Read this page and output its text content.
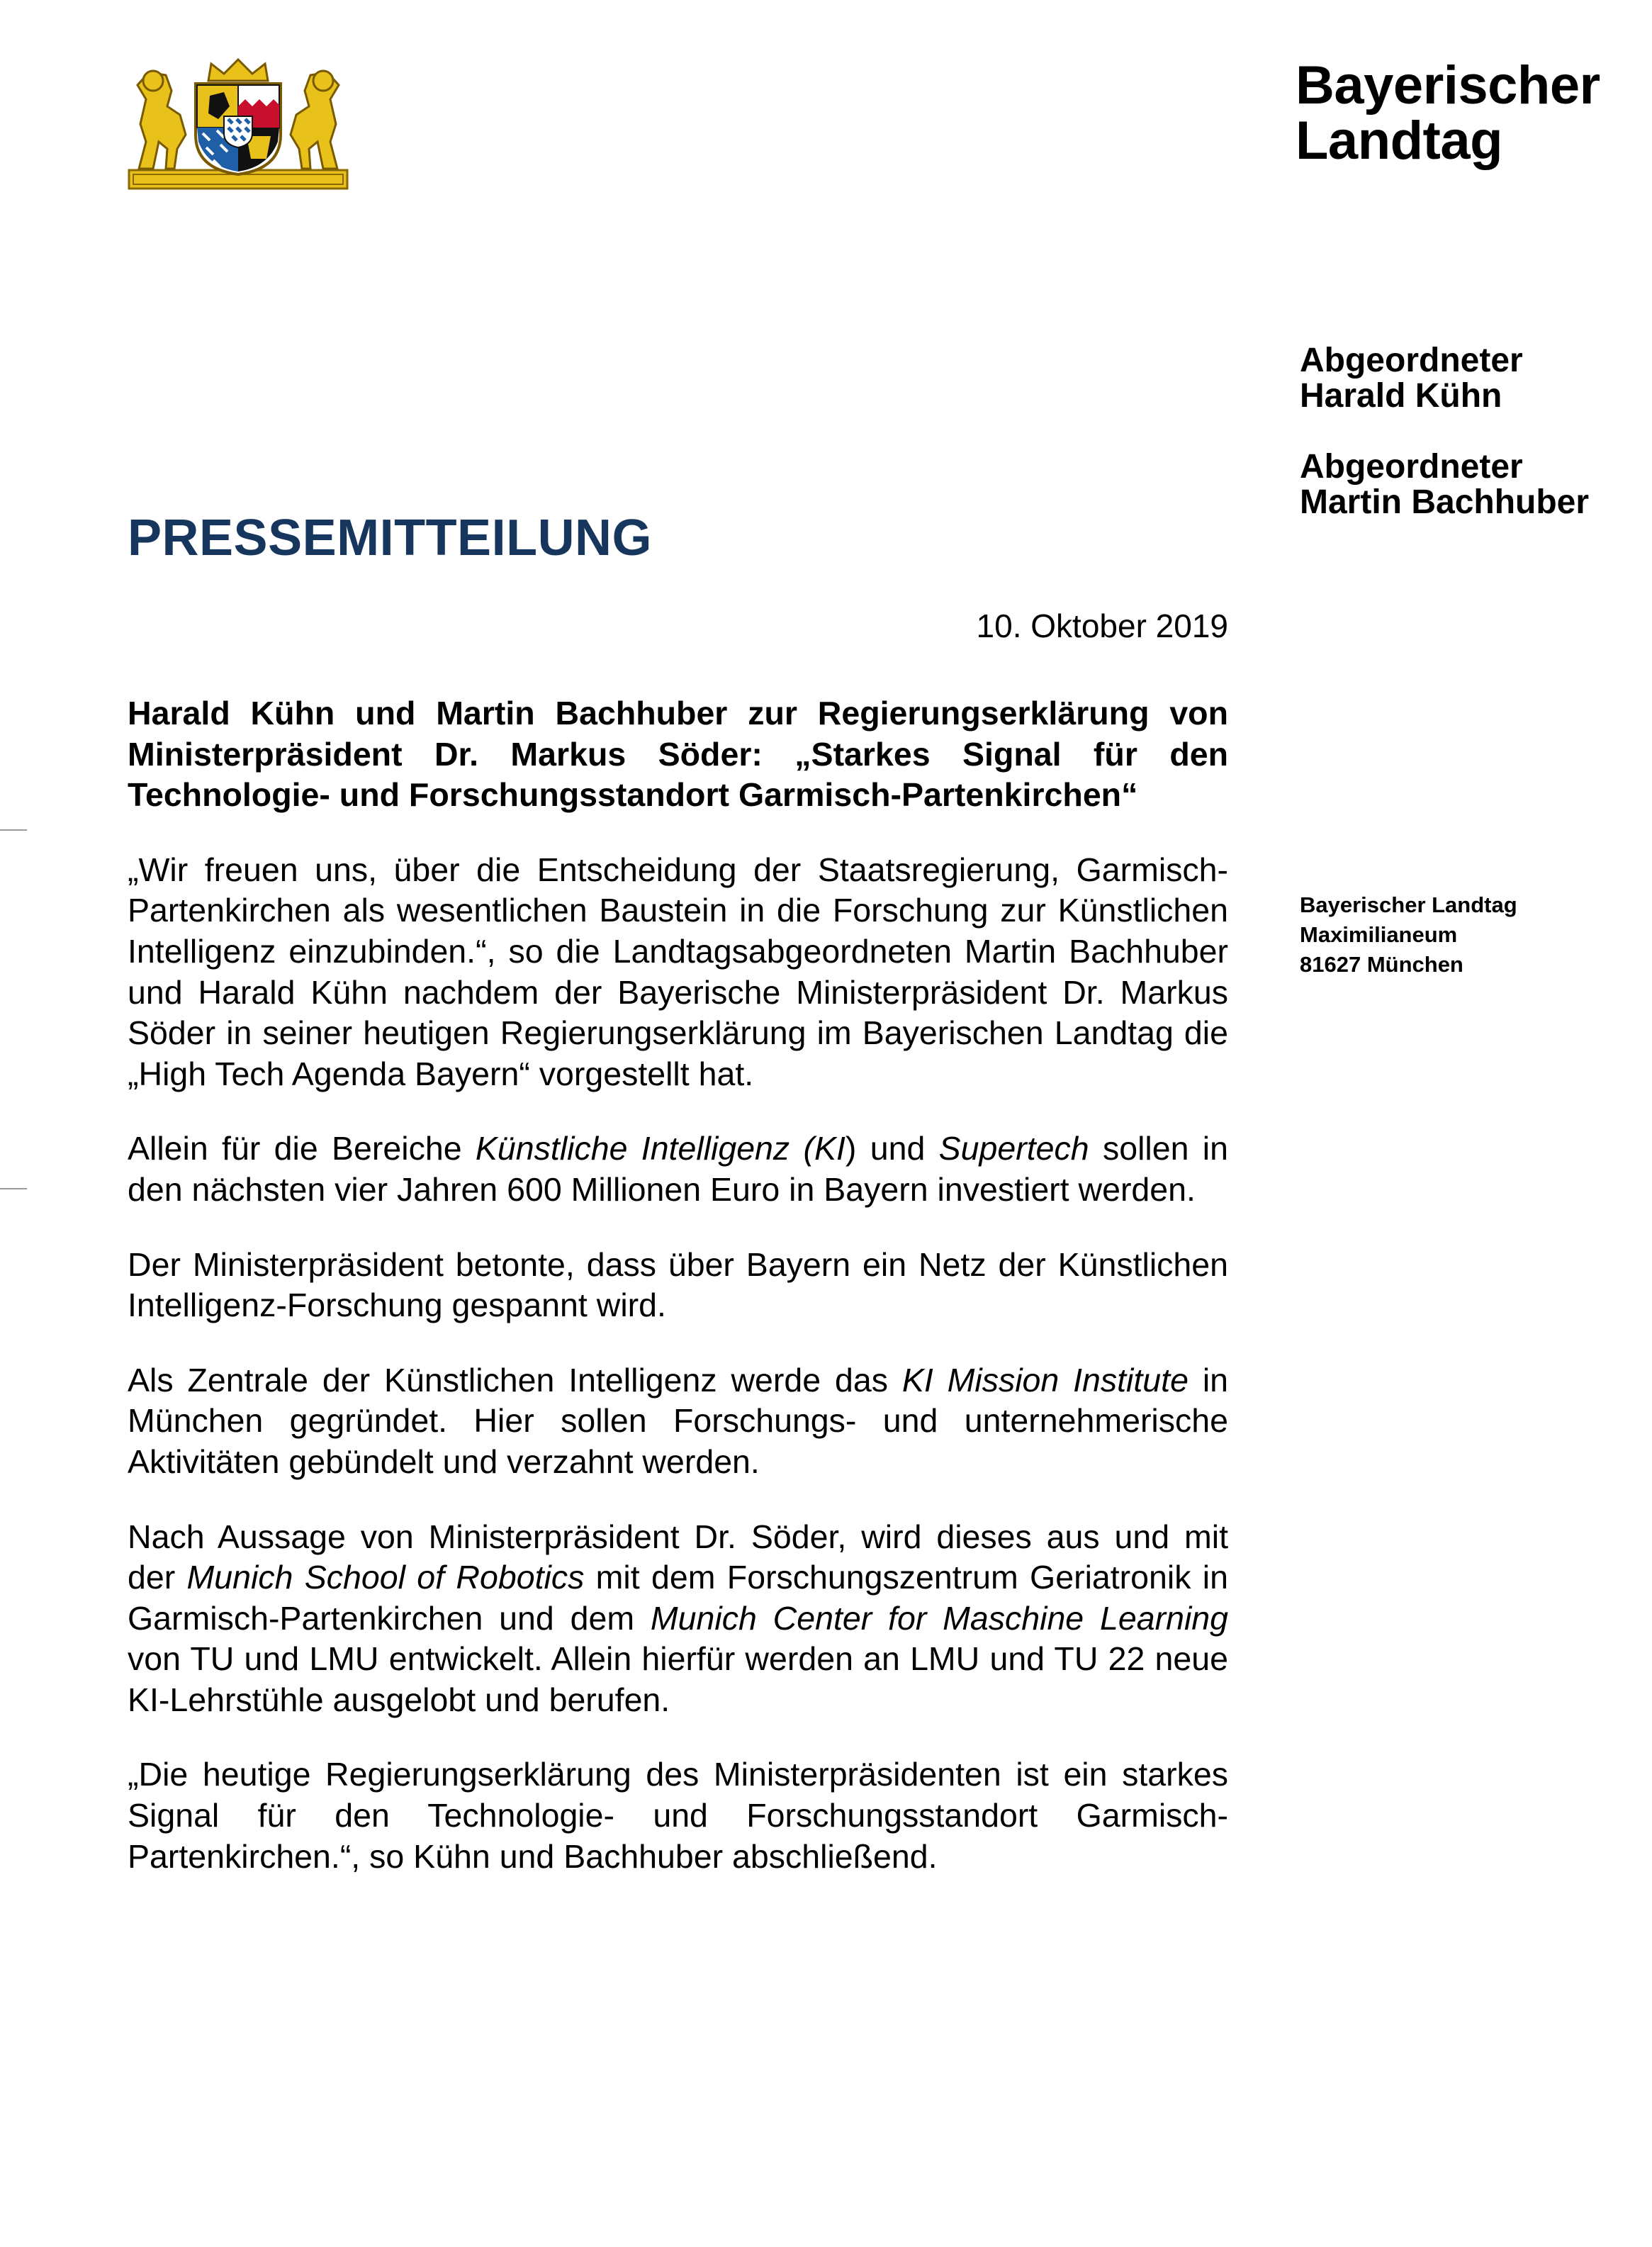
Bayerischer
Landtag
Abgeordneter
Harald Kühn
Abgeordneter
Martin Bachhuber
PRESSEMITTEILUNG
10. Oktober 2019
Bayerischer Landtag
Maximilianeum
81627 München

Harald Kühn und Martin Bachhuber zur Regierungserklärung von Ministerpräsident Dr. Markus Söder: „Starkes Signal für den Technologie- und Forschungsstandort Garmisch-Partenkirchen“

„Wir freuen uns, über die Entscheidung der Staatsregierung, Garmisch-Partenkirchen als wesentlichen Baustein in die Forschung zur Künstlichen Intelligenz einzubinden.“, so die Landtagsabgeordneten Martin Bachhuber und Harald Kühn nachdem der Bayerische Ministerpräsident Dr. Markus Söder in seiner heutigen Regierungserklärung im Bayerischen Landtag die „High Tech Agenda Bayern“ vorgestellt hat.

Allein für die Bereiche Künstliche Intelligenz (KI) und Supertech sollen in den nächsten vier Jahren 600 Millionen Euro in Bayern investiert werden.

Der Ministerpräsident betonte, dass über Bayern ein Netz der Künstlichen Intelligenz-Forschung gespannt wird.

Als Zentrale der Künstlichen Intelligenz werde das KI Mission Institute in München gegründet. Hier sollen Forschungs- und unternehmerische Aktivitäten gebündelt und verzahnt werden.

Nach Aussage von Ministerpräsident Dr. Söder, wird dieses aus und mit der Munich School of Robotics mit dem Forschungszentrum Geriatronik in Garmisch-Partenkirchen und dem Munich Center for Maschine Learning von TU und LMU entwickelt. Allein hierfür werden an LMU und TU 22 neue KI-Lehrstühle ausgelobt und berufen.

„Die heutige Regierungserklärung des Ministerpräsidenten ist ein starkes Signal für den Technologie- und Forschungsstandort Garmisch-Partenkirchen.“, so Kühn und Bachhuber abschließend.
